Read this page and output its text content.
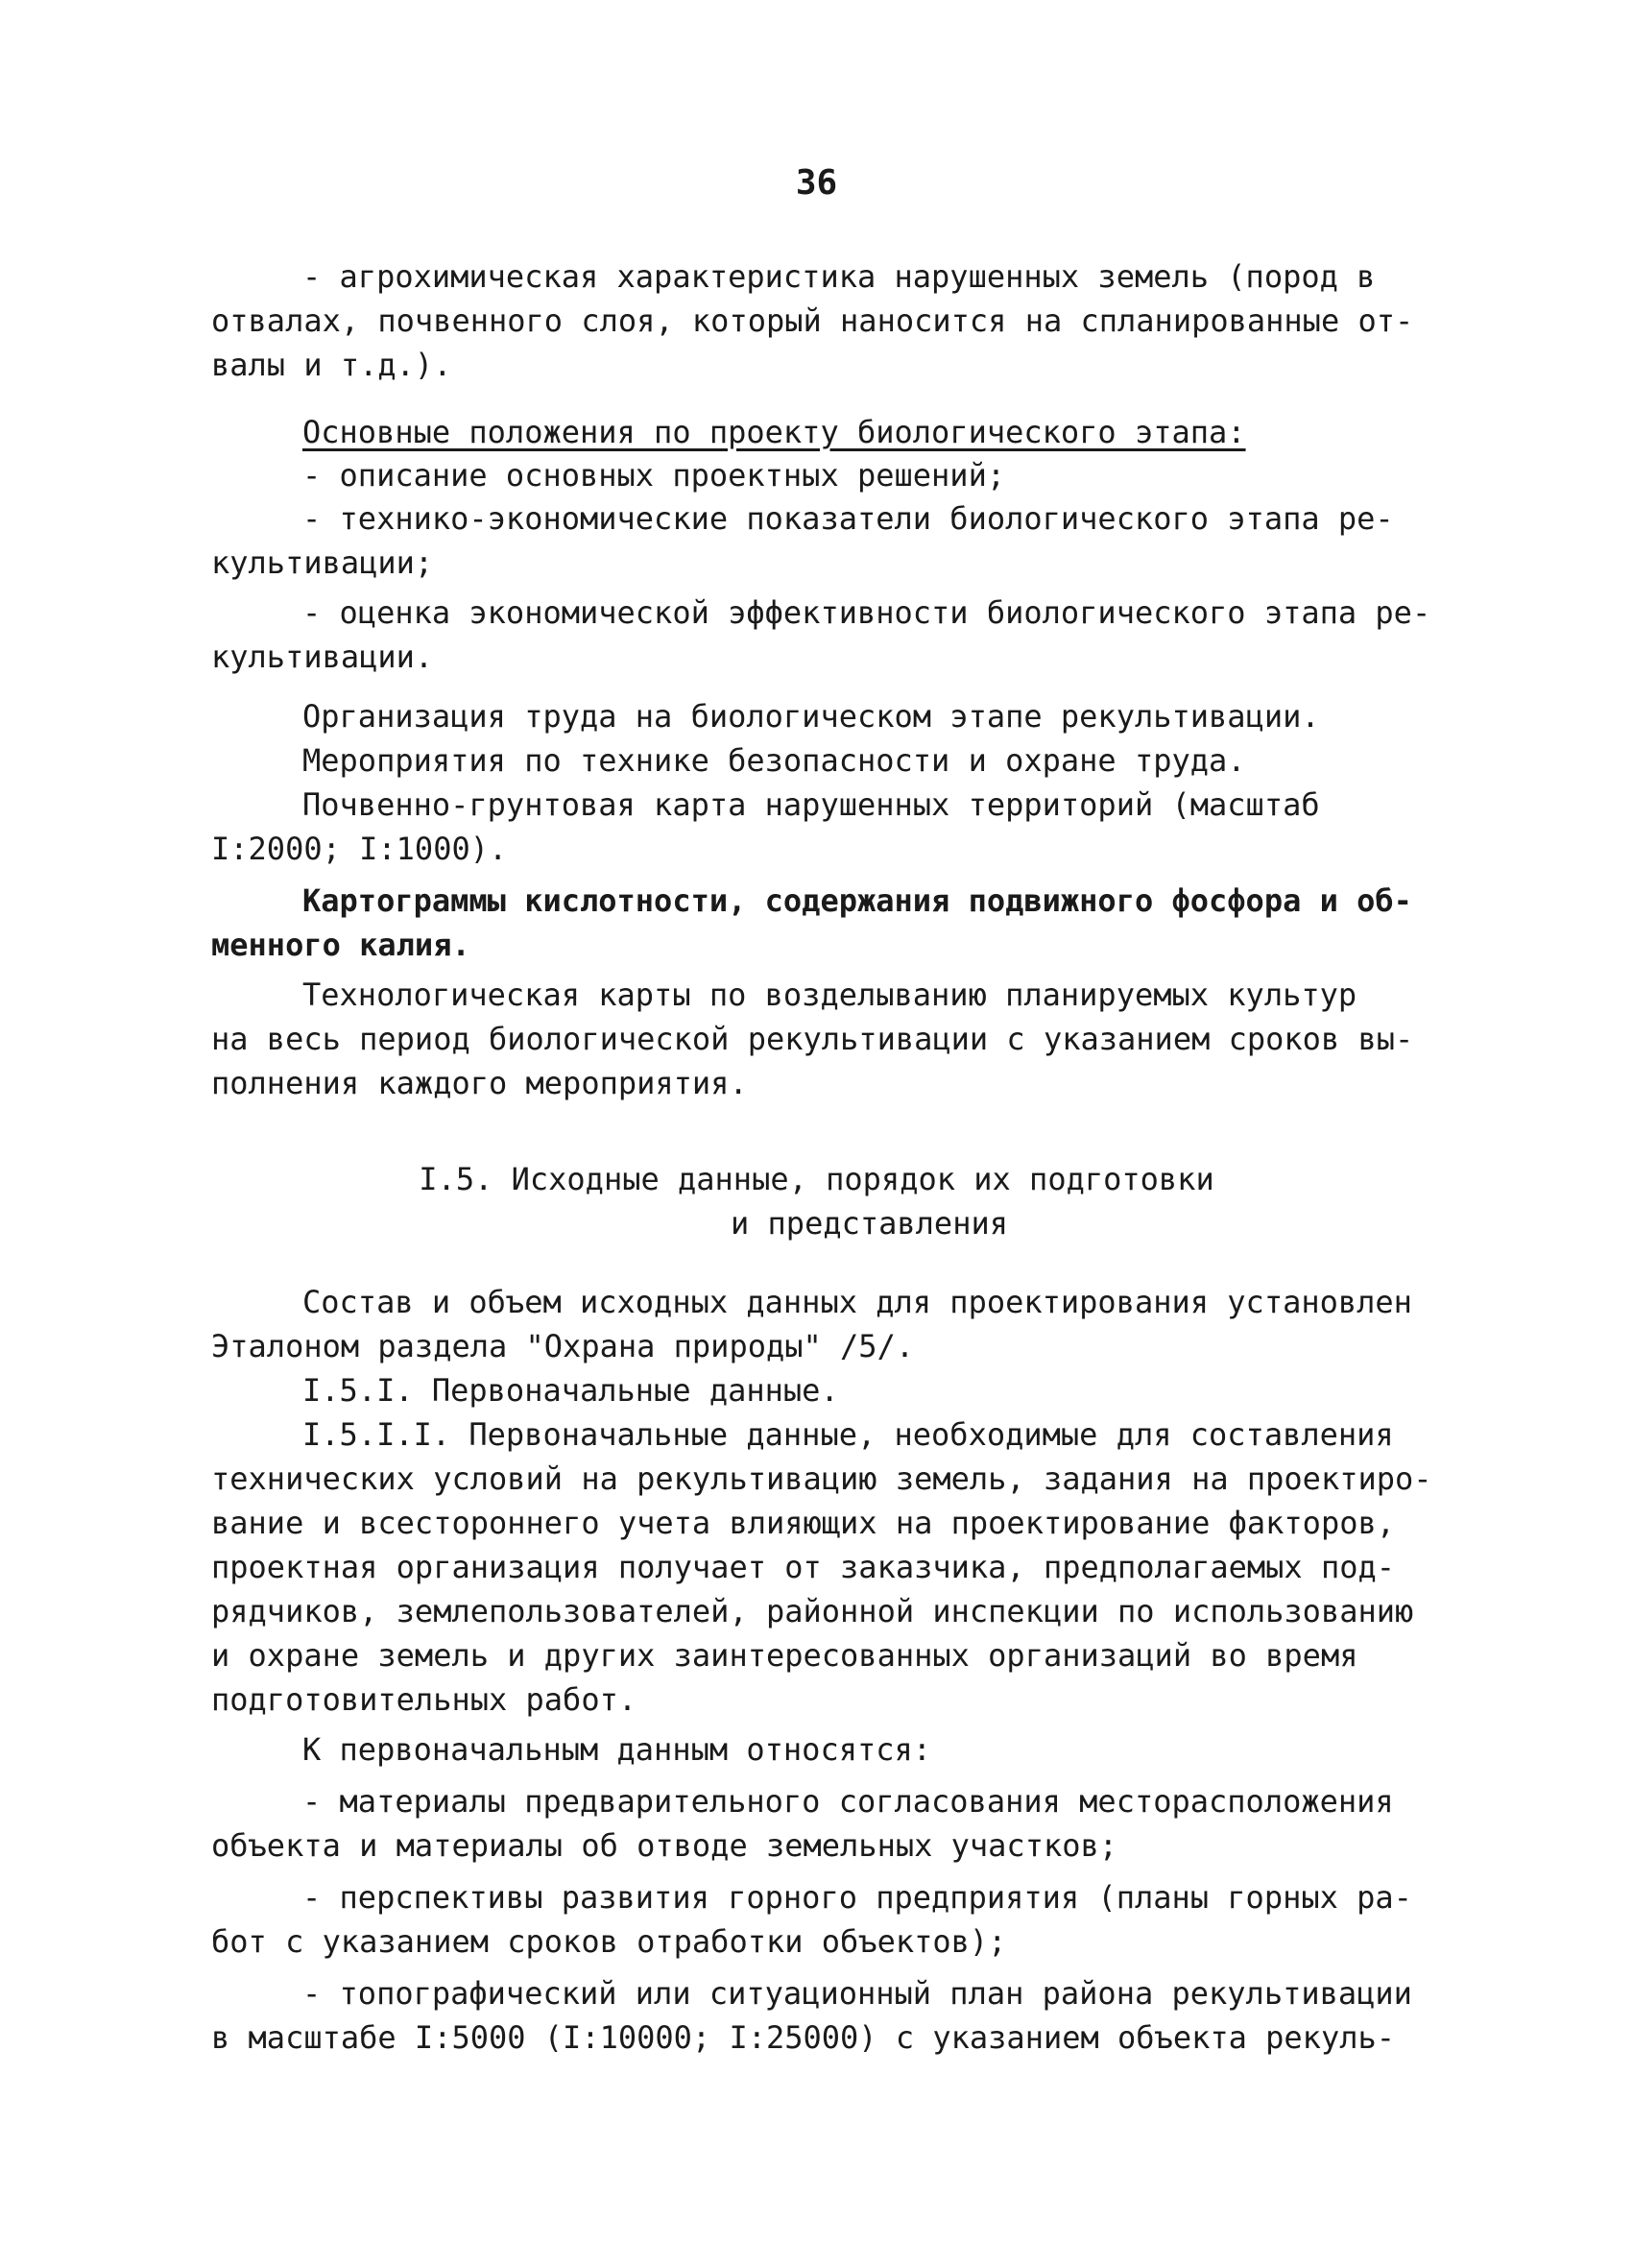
36
- агрохимическая характеристика нарушенных земель (пород в
отвалах, почвенного слоя, который наносится на спланированные от-
валы и т.д.).
Основные положения по проекту биологического этапа:
- описание основных проектных решений;
- технико-экономические показатели биологического этапа ре-
культивации;
- оценка экономической эффективности биологического этапа ре-
культивации.
Организация труда на биологическом этапе рекультивации.
Мероприятия по технике безопасности и охране труда.
Почвенно-грунтовая карта нарушенных территорий (масштаб
I:2000; I:1000).
Картограммы кислотности, содержания подвижного фосфора и об-
менного калия.
Технологическая карты по возделыванию планируемых культур
на весь период биологической рекультивации с указанием сроков вы-
полнения каждого мероприятия.
I.5. Исходные данные, порядок их подготовки
и представления
Состав и объем исходных данных для проектирования установлен
Эталоном раздела "Охрана природы" /5/.
I.5.I. Первоначальные данные.
I.5.I.I. Первоначальные данные, необходимые для составления
технических условий на рекультивацию земель, задания на проектиро-
вание и всестороннего учета влияющих на проектирование факторов,
проектная организация получает от заказчика, предполагаемых под-
рядчиков, землепользователей, районной инспекции по использованию
и охране земель и других заинтересованных организаций во время
подготовительных работ.
К первоначальным данным относятся:
- материалы предварительного согласования месторасположения
объекта и материалы об отводе земельных участков;
- перспективы развития горного предприятия (планы горных ра-
бот с указанием сроков отработки объектов);
- топографический или ситуационный план района рекультивации
в масштабе I:5000 (I:10000; I:25000) с указанием объекта рекуль-
